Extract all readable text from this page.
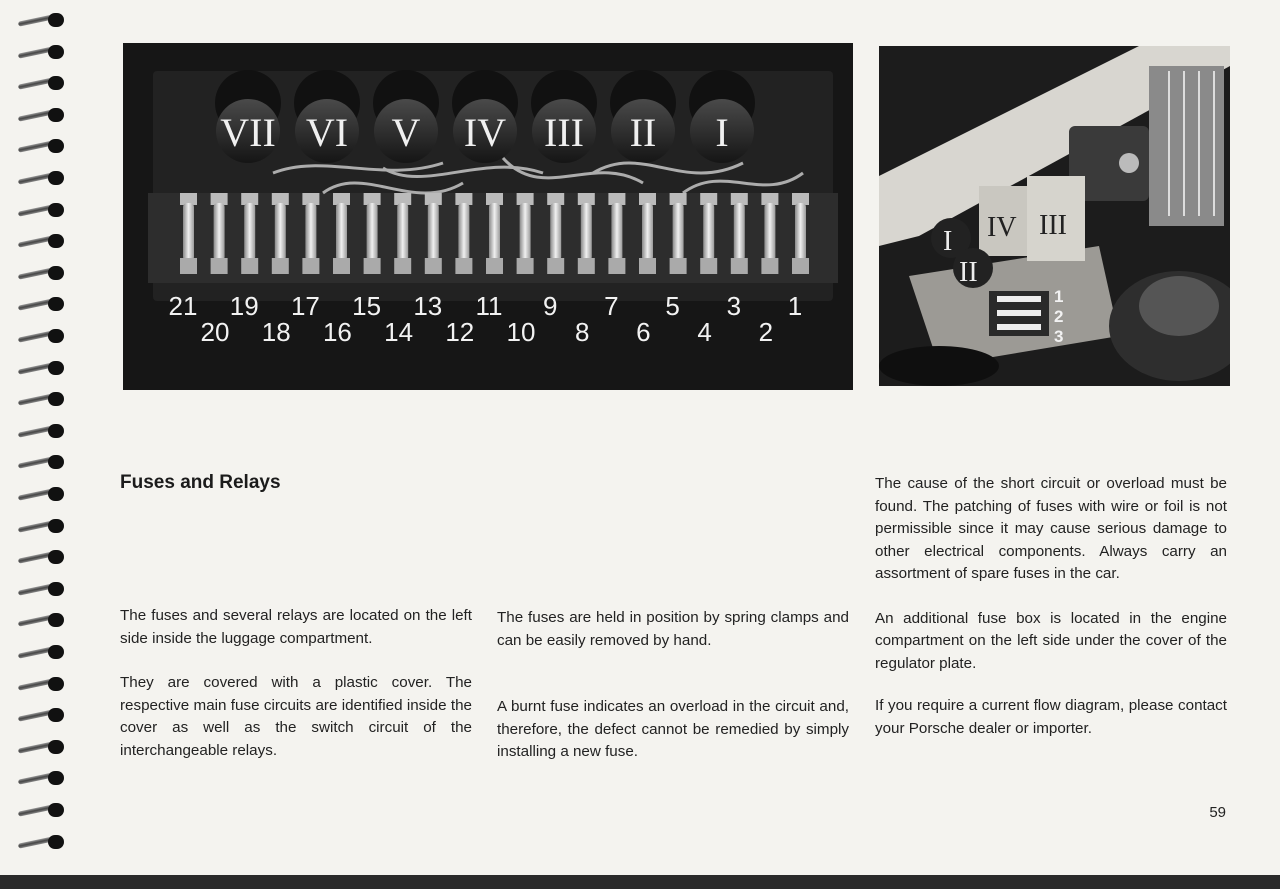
VII VI V IV III II I
21 19 17 15 13 11 9 7 5 3 1
20 18 16 14 12 10 8 6 4 2
IV III
I
II
1
2
3
Fuses and Relays

The fuses and several relays are located on the left side inside the luggage compartment.

They are covered with a plastic cover. The respective main fuse circuits are identified inside the cover as well as the switch circuit of the interchangeable relays.

The fuses are held in position by spring clamps and can be easily removed by hand.

A burnt fuse indicates an overload in the circuit and, therefore, the defect cannot be remedied by simply installing a new fuse.

The cause of the short circuit or overload must be found. The patching of fuses with wire or foil is not permissible since it may cause serious damage to other electrical components. Always carry an assortment of spare fuses in the car.

An additional fuse box is located in the engine compartment on the left side under the cover of the regulator plate.

If you require a current flow diagram, please contact your Porsche dealer or importer.

59
